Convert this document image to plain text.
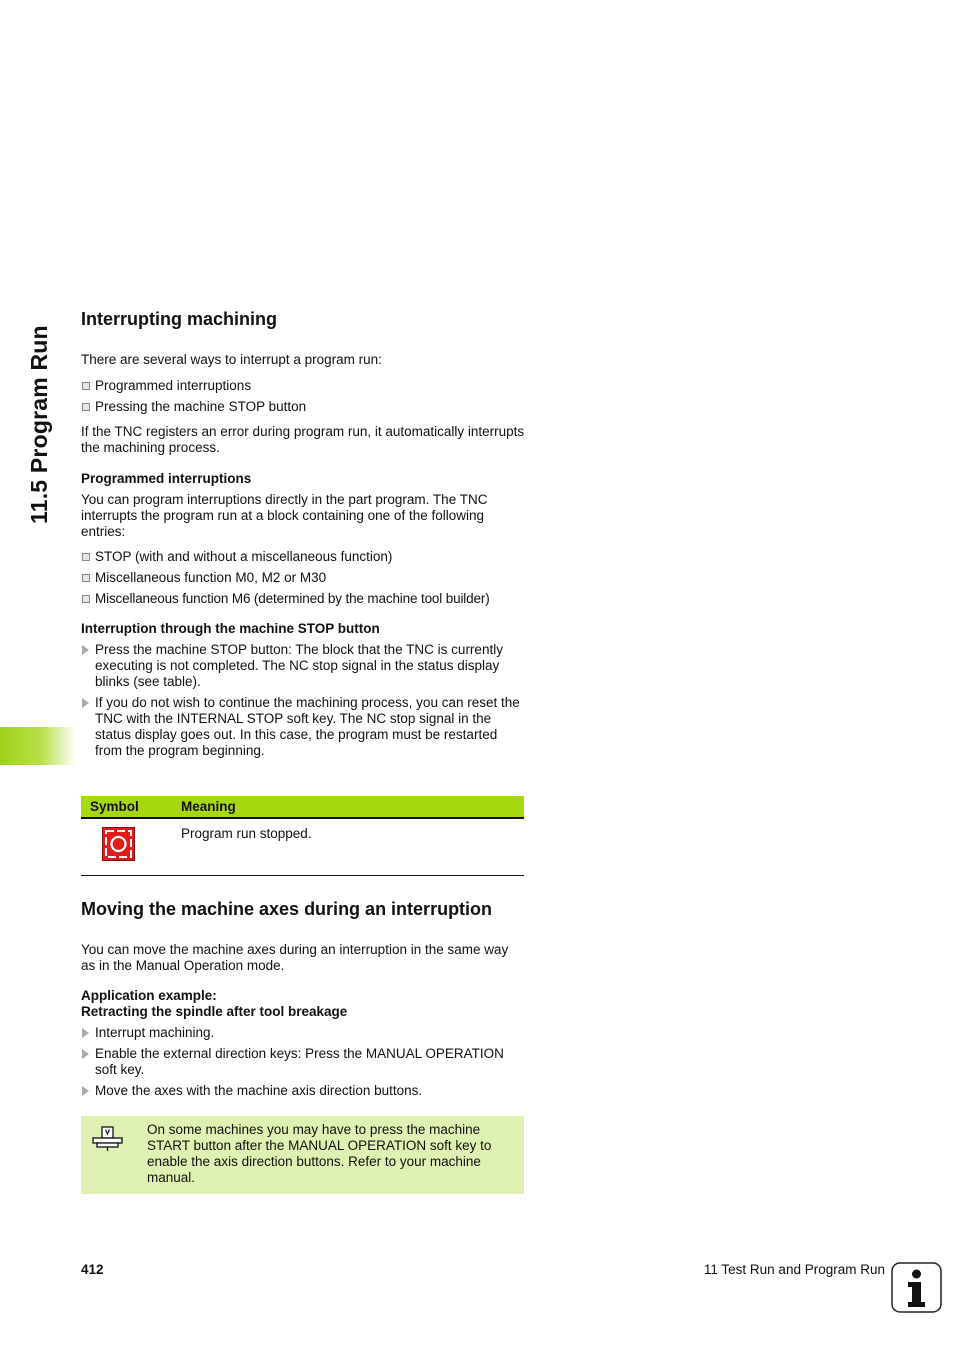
11.5 Program Run
Interrupting machining

There are several ways to interrupt a program run:

Programmed interruptions
Pressing the machine STOP button

If the TNC registers an error during program run, it automatically interrupts the machining process.

Programmed interruptions

You can program interruptions directly in the part program. The TNC interrupts the program run at a block containing one of the following entries:

STOP (with and without a miscellaneous function)
Miscellaneous function M0, M2 or M30
Miscellaneous function M6 (determined by the machine tool builder)
Interruption through the machine STOP button
Press the machine STOP button: The block that the TNC is currently executing is not completed. The NC stop signal in the status display blinks (see table).
If you do not wish to continue the machining process, you can reset the TNC with the INTERNAL STOP soft key. The NC stop signal in the status display goes out. In this case, the program must be restarted from the program beginning.
Symbol	Meaning
	Program run stopped.
Moving the machine axes during an interruption

You can move the machine axes during an interruption in the same way as in the Manual Operation mode.

Application example:
Retracting the spindle after tool breakage
Interrupt machining.
Enable the external direction keys: Press the MANUAL OPERATION soft key.
Move the axes with the machine axis direction buttons.

On some machines you may have to press the machine START button after the MANUAL OPERATION soft key to enable the axis direction buttons. Refer to your machine manual.

412	11 Test Run and Program Run
